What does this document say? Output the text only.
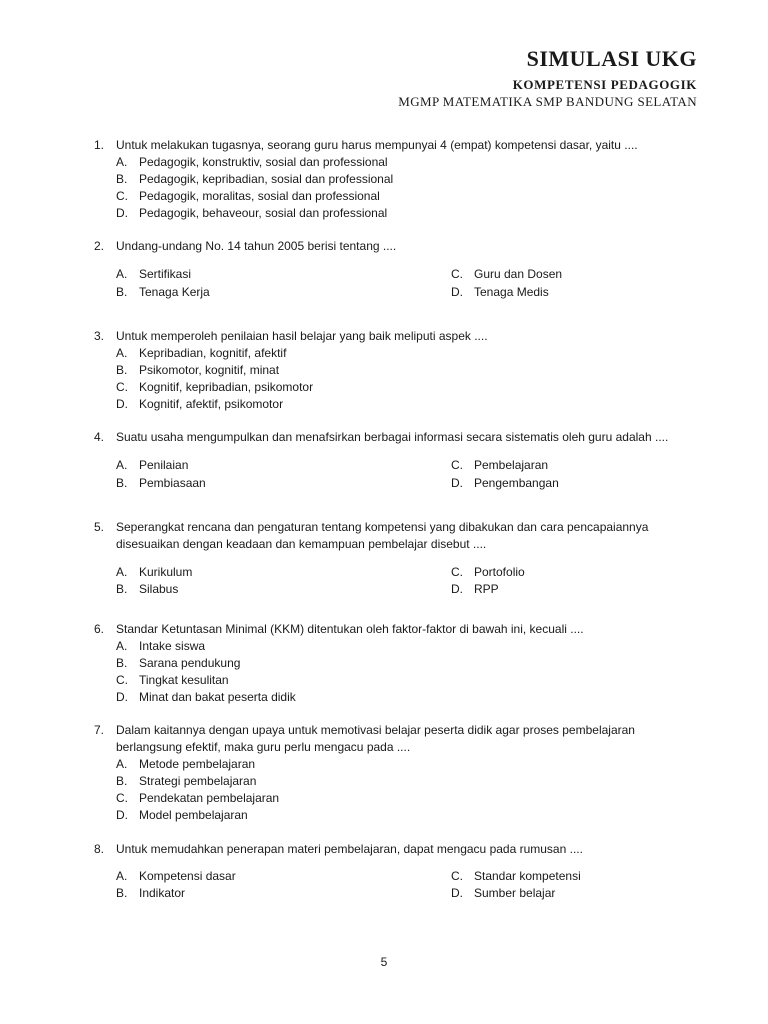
SIMULASI UKG
KOMPETENSI PEDAGOGIK
MGMP MATEMATIKA SMP BANDUNG SELATAN
1. Untuk melakukan tugasnya, seorang guru harus mempunyai 4 (empat) kompetensi dasar, yaitu ....
A. Pedagogik, konstruktiv, sosial dan professional
B. Pedagogik, kepribadian, sosial dan professional
C. Pedagogik, moralitas, sosial dan professional
D. Pedagogik, behaveour, sosial dan professional
2. Undang-undang No. 14 tahun 2005 berisi tentang ....
A. Sertifikasi
B. Tenaga Kerja
C. Guru dan Dosen
D. Tenaga Medis
3. Untuk memperoleh penilaian hasil belajar yang baik meliputi aspek ....
A. Kepribadian, kognitif, afektif
B. Psikomotor, kognitif, minat
C. Kognitif, kepribadian, psikomotor
D. Kognitif, afektif, psikomotor
4. Suatu usaha mengumpulkan dan menafsirkan berbagai informasi secara sistematis oleh guru adalah ....
A. Penilaian
B. Pembiasaan
C. Pembelajaran
D. Pengembangan
5. Seperangkat rencana dan pengaturan tentang kompetensi yang dibakukan dan cara pencapaiannya disesuaikan dengan keadaan dan kemampuan pembelajar disebut ....
A. Kurikulum
B. Silabus
C. Portofolio
D. RPP
6. Standar Ketuntasan Minimal (KKM) ditentukan oleh faktor-faktor di bawah ini, kecuali ....
A. Intake siswa
B. Sarana pendukung
C. Tingkat kesulitan
D. Minat dan bakat peserta didik
7. Dalam kaitannya dengan upaya untuk memotivasi belajar peserta didik agar proses pembelajaran berlangsung efektif, maka guru perlu mengacu pada ....
A. Metode pembelajaran
B. Strategi pembelajaran
C. Pendekatan pembelajaran
D. Model pembelajaran
8. Untuk memudahkan penerapan materi pembelajaran, dapat mengacu pada rumusan ....
A. Kompetensi dasar
B. Indikator
C. Standar kompetensi
D. Sumber belajar
5
